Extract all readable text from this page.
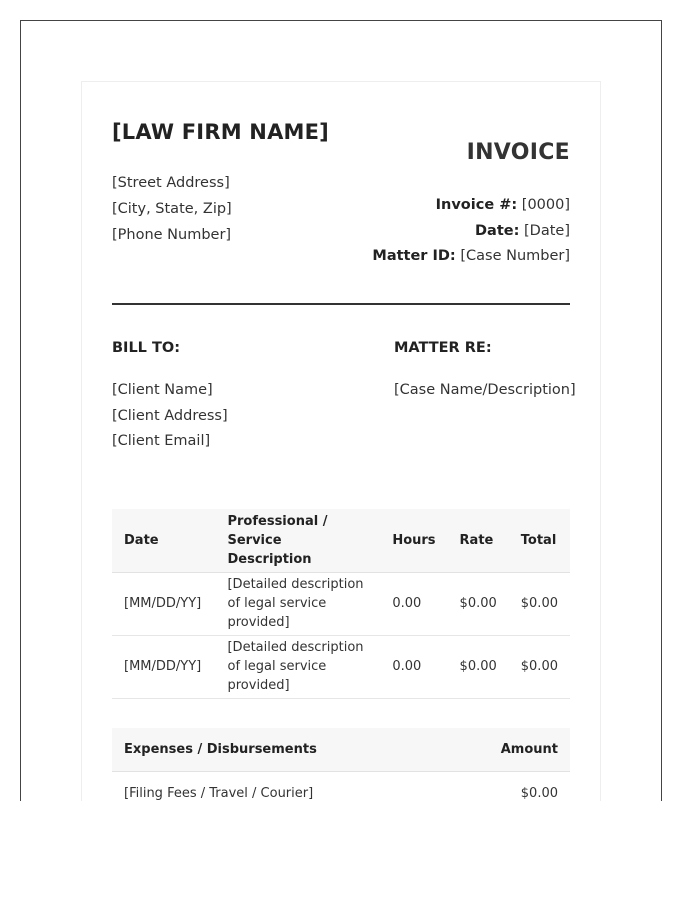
[LAW FIRM NAME]
[Street Address]
[City, State, Zip]
[Phone Number]
INVOICE
Invoice #: [0000]
Date: [Date]
Matter ID: [Case Number]
BILL TO:	MATTER RE:
[Client Name]
[Client Address]
[Client Email]
[Case Name/Description]
Date	Professional / Service Description	Hours	Rate	Total
[MM/DD/YY]	[Detailed description of legal service provided]	0.00	$0.00	$0.00
[MM/DD/YY]	[Detailed description of legal service provided]	0.00	$0.00	$0.00
Expenses / Disbursements	Amount
[Filing Fees / Travel / Courier]	$0.00
